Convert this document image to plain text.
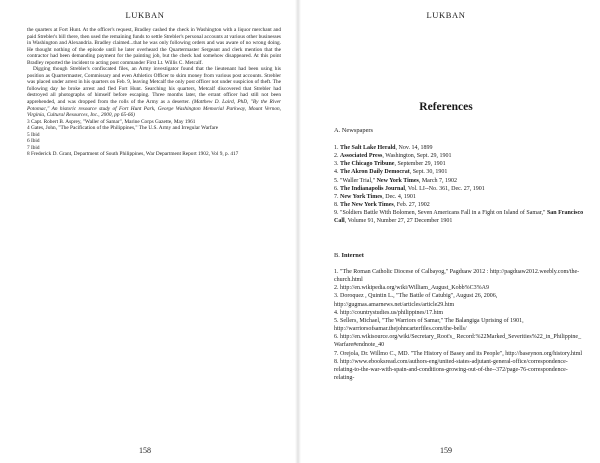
LUKBAN

the quarters at Fort Hunt. At the officer's request, Bradley cashed the check in Washington with a liquor merchant and paid Strebler's bill there, then used the remaining funds to settle Strebler's personal accounts at various other businesses in Washington and Alexandria. Bradley claimed...that he was only following orders and was aware of no wrong doing. He thought nothing of the episode until he later overheard the Quartermaster Sergeant and clerk mention that the contractor had been demanding payment for the painting job, but the check had somehow disappeared. At this point Bradley reported the incident to acting post commander First Lt. Willis C. Metcalf.

Digging though Strebler's confiscated files, an Army investigator found that the lieutenant had been using his position as Quartermaster, Commissary and even Athletics Officer to skim money from various post accounts. Strebler was placed under arrest in his quarters on Feb. 9, leaving Metcalf the only post officer not under suspicion of theft. The following day he broke arrest and fled Fort Hunt. Searching his quarters, Metcalf discovered that Strebler had destroyed all photographs of himself before escaping. Three months later, the errant officer had still not been apprehended, and was dropped from the rolls of the Army as a deserter. (Matthew D. Laird, PhD, "By the River Potomac," An historic resource study of Fort Hunt Park, George Washington Memorial Parkway, Mount Vernon, Virginia, Cultural Resources, Inc., 2000, pp 65-66)

3 Capt. Robert B. Asprey, "Waller of Samar", Marine Corps Gazette, May 1961

4 Gates, John, "The Pacification of the Philippines," The U.S. Army and Irregular Warfare

5 Ibid

6 Ibid

7 Ibid

8 Frederick D. Grant, Department of South Philippines, War Department Report 1902, Vol 9, p. 417

158
LUKBAN
References

A. Newspapers

1. The Salt Lake Herald, Nov. 14, 1899

2. Associated Press, Washington, Sept. 29, 1901

3. The Chicago Tribune, September 29, 1901

4. The Akron Daily Democrat, Sept. 30, 1901

5. "Waller Trial," New York Times, March 7, 1902

6. The Indianapolis Journal, Vol. LI--No. 361, Dec. 27, 1901

7. New York Times, Dec. 4, 1901

8. The New York Times, Feb. 27, 1902

9. "Soldiers Battle With Bolomen, Seven Americans Fall in a Fight on Island of Samar," San Francisco Call, Volume 91, Number 27, 27 December 1901

B. Internet

1. "The Roman Catholic Diocese of Calbayog," Pagduaw 2012 : http://pagduaw2012.weebly.com/the-church.html

2. http://en.wikipedia.org/wiki/William_August_Kobb%C3%A9

3. Doroquez , Quintin L., "The Battle of Catubig", August 26, 2006, http://gugmas.amarnews.net/articles/article29.htm

4. http://countrystudies.us/philippines/17.htm

5. Sellers, Michael, "The Warriors of Samar," The Balangiga Uprising of 1901, http://warriorsofsamar.thejohncarterfiles.com/the-bells/

6. http://en.wikisource.org/wiki/Secretary_Root's_ Record:%22Marked_Severities%22_in_Philippine_ Warfare#endnote_40

7. Orejola, Dr. Willmo C., MD. "The History of Basey and its People", http://baseynon.org/history.html

8. http://www.ebooksread.com/authors-eng/united-states-adjutant-general-office/correspondence-relating-to-the-war-with-spain-and-conditions-growing-out-of-the--372/page-76-correspondence-relating-

159
